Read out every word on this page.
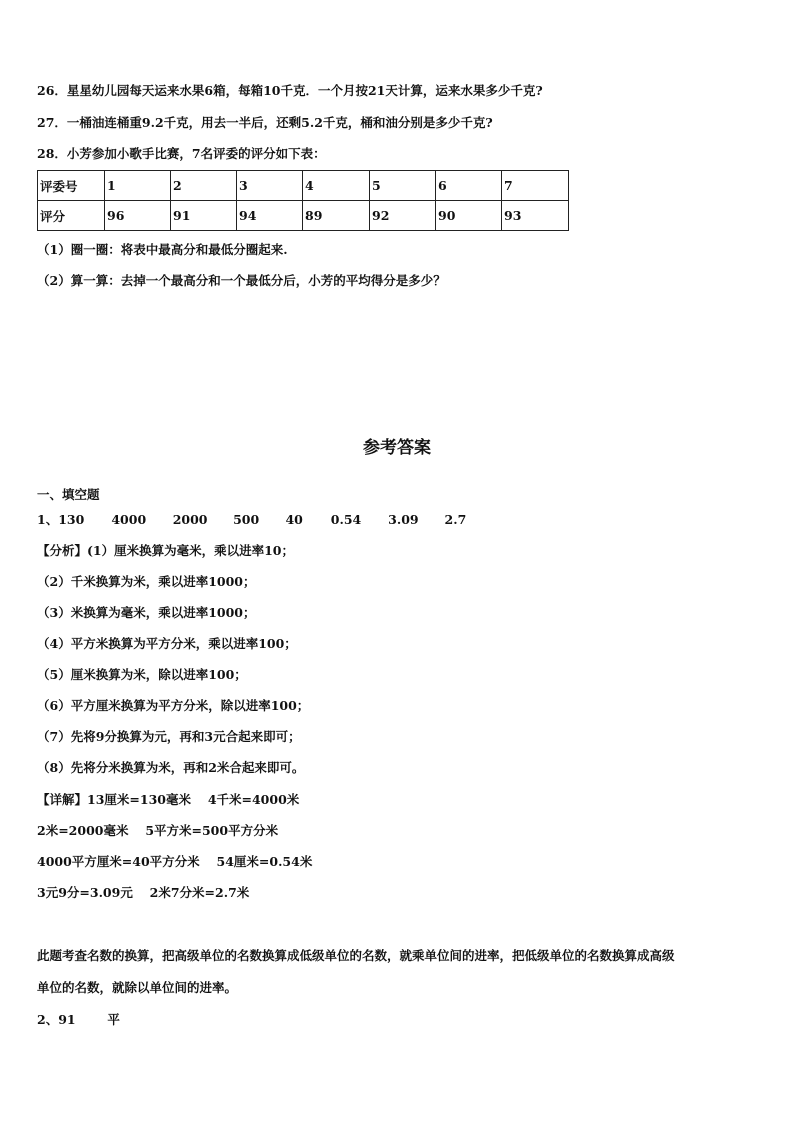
26．星星幼儿园每天运来水果6箱，每箱10千克．一个月按21天计算，运来水果多少千克?
27．一桶油连桶重9.2千克，用去一半后，还剩5.2千克，桶和油分别是多少千克?
28．小芳参加小歌手比赛，7名评委的评分如下表：
评委号	1	2	3	4	5	6	7
评分	96	91	94	89	92	90	93
（1）圈一圈：将表中最高分和最低分圈起来.
（2）算一算：去掉一个最高分和一个最低分后，小芳的平均得分是多少？
参考答案
一、填空题
1、130 4000 2000 500 40 0.54 3.09 2.7
【分析】(1）厘米换算为毫米，乘以进率10；
（2）千米换算为米，乘以进率1000；
（3）米换算为毫米，乘以进率1000；
（4）平方米换算为平方分米，乘以进率100；
（5）厘米换算为米，除以进率100；
（6）平方厘米换算为平方分米，除以进率100；
（7）先将9分换算为元，再和3元合起来即可；
（8）先将分米换算为米，再和2米合起来即可。
【详解】13厘米=130毫米　 4千米=4000米
2米=2000毫米　 5平方米=500平方分米
4000平方厘米=40平方分米　 54厘米=0.54米
3元9分=3.09元　 2米7分米=2.7米
此题考查名数的换算，把高级单位的名数换算成低级单位的名数，就乘单位间的进率，把低级单位的名数换算成高级
单位的名数，就除以单位间的进率。
2、91	平
